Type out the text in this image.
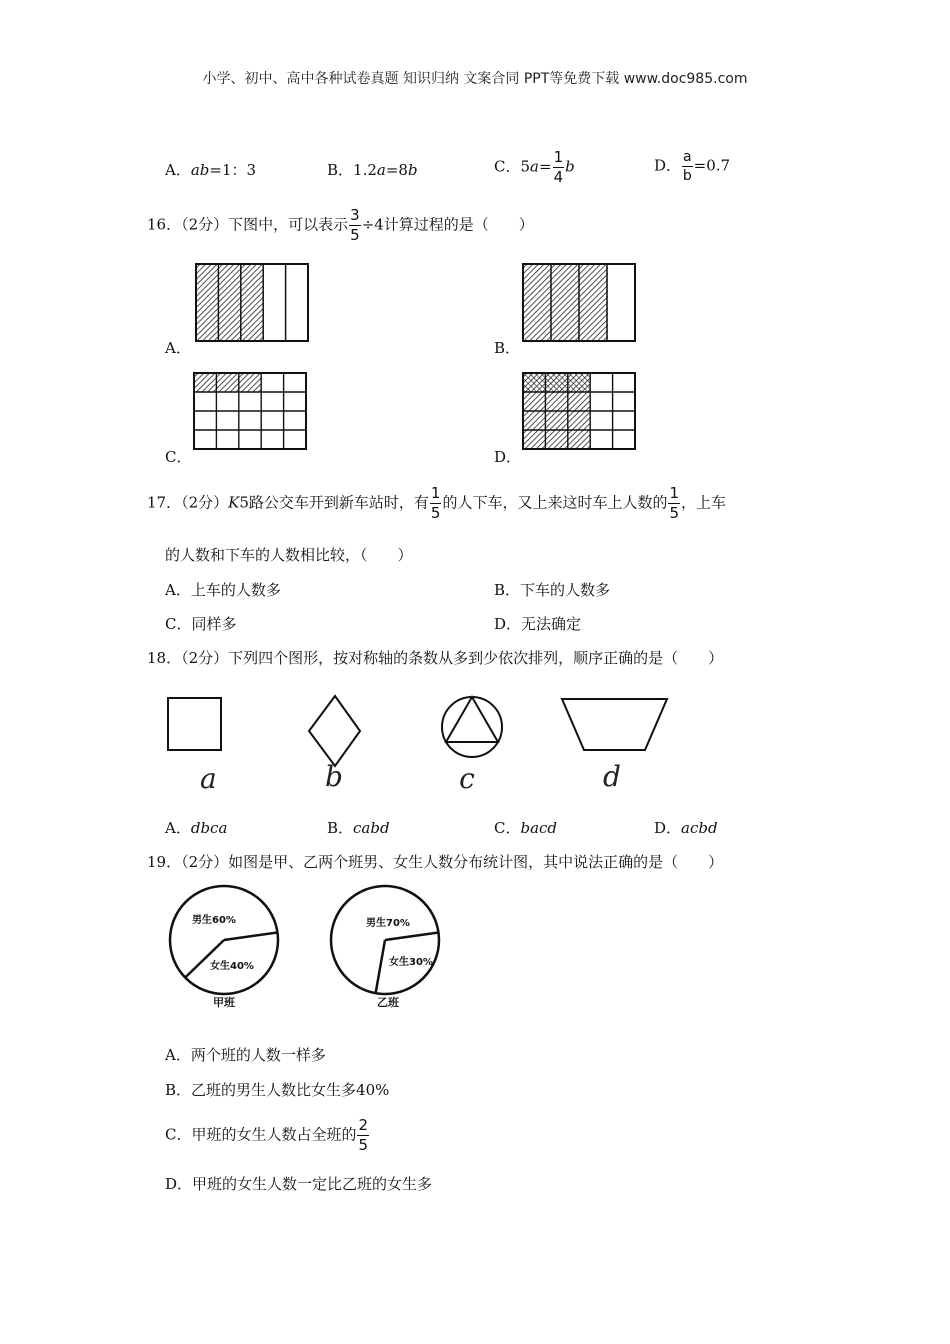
小学、初中、高中各种试卷真题 知识归纳 文案合同 PPT等免费下载 www.doc985.com
A．ab=1：3	B．1.2a=8b	C．$5a= \frac{1}{4}$ b	D． $\frac{a}{b} =0.7$
16．（2分）下图中，可以表示 $\frac{3}{5} \div 4$计算过程的是（　　）
A．	B．
C．	D．
17．（2分）K5路公交车开到新车站时，有 $\frac{1}{5}$ 的人下车，又上来这时车上人数的 $\frac{1}{5}$ ，上车
的人数和下车的人数相比较，（　　）
A．上车的人数多	B．下车的人数多
C．同样多	D．无法确定
18．（2分）下列四个图形，按对称轴的条数从多到少依次排列，顺序正确的是（　　）
a	b	c	d
A．dbca	B．cabd	C．bacd	D．acbd
19．（2分）如图是甲、乙两个班男、女生人数分布统计图，其中说法正确的是（　　）
男生60%
女生40%
甲班
男生70%
女生30%
乙班
A．两个班的人数一样多
B．乙班的男生人数比女生多40%
C．甲班的女生人数占全班的 $\frac{2}{5}$
D．甲班的女生人数一定比乙班的女生多
